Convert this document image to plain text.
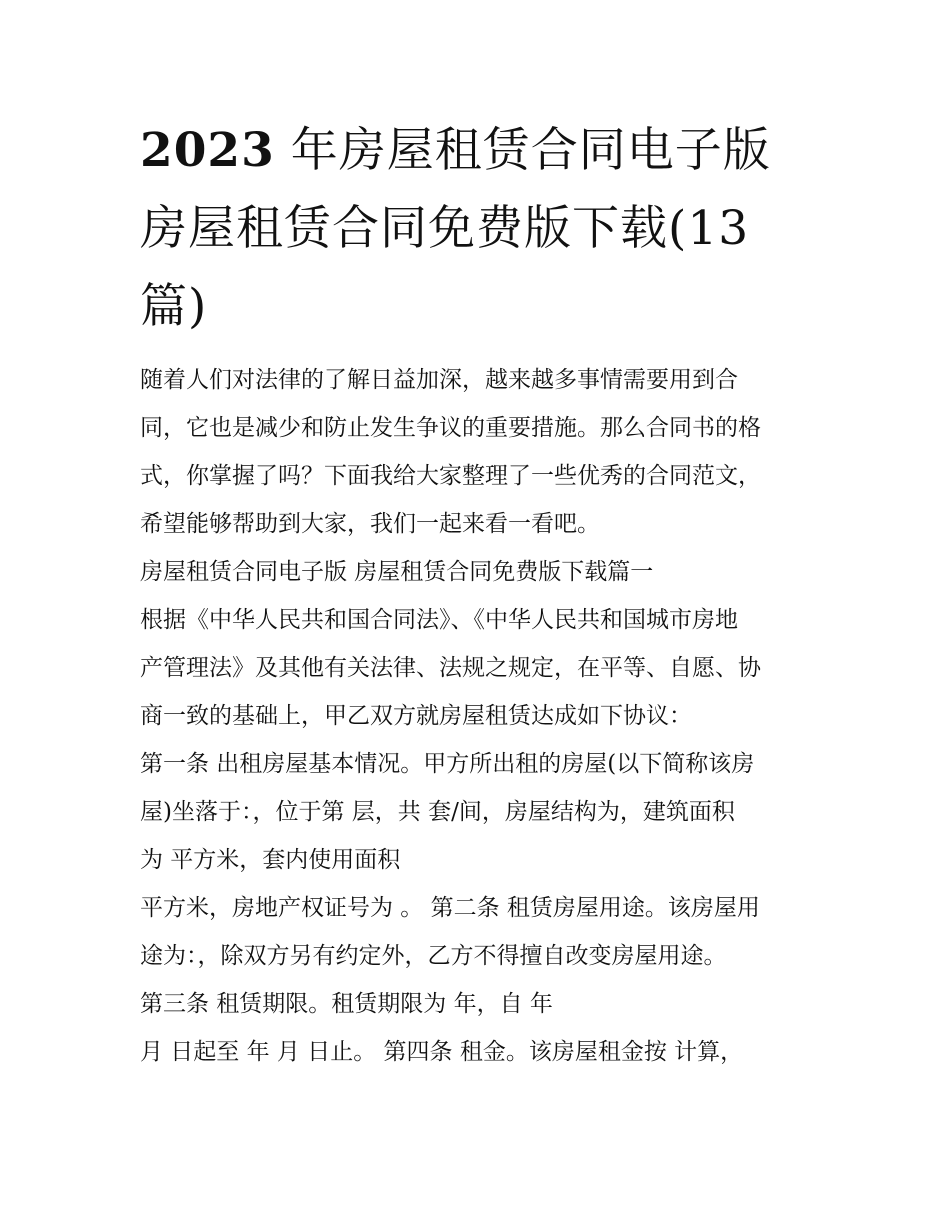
2023 年房屋租赁合同电子版
房屋租赁合同免费版下载(13
篇)
随着人们对法律的了解日益加深，越来越多事情需要用到合
同，它也是减少和防止发生争议的重要措施。那么合同书的格
式，你掌握了吗？下面我给大家整理了一些优秀的合同范文，
希望能够帮助到大家，我们一起来看一看吧。
房屋租赁合同电子版 房屋租赁合同免费版下载篇一
根据《中华人民共和国合同法》、《中华人民共和国城市房地
产管理法》及其他有关法律、法规之规定，在平等、自愿、协
商一致的基础上，甲乙双方就房屋租赁达成如下协议：
第一条 出租房屋基本情况。甲方所出租的房屋(以下简称该房
屋)坐落于：，位于第 层，共 套/间，房屋结构为，建筑面积
为 平方米，套内使用面积
平方米，房地产权证号为 。 第二条 租赁房屋用途。该房屋用
途为：，除双方另有约定外，乙方不得擅自改变房屋用途。
第三条 租赁期限。租赁期限为 年，自 年
月 日起至 年 月 日止。 第四条 租金。该房屋租金按 计算，
